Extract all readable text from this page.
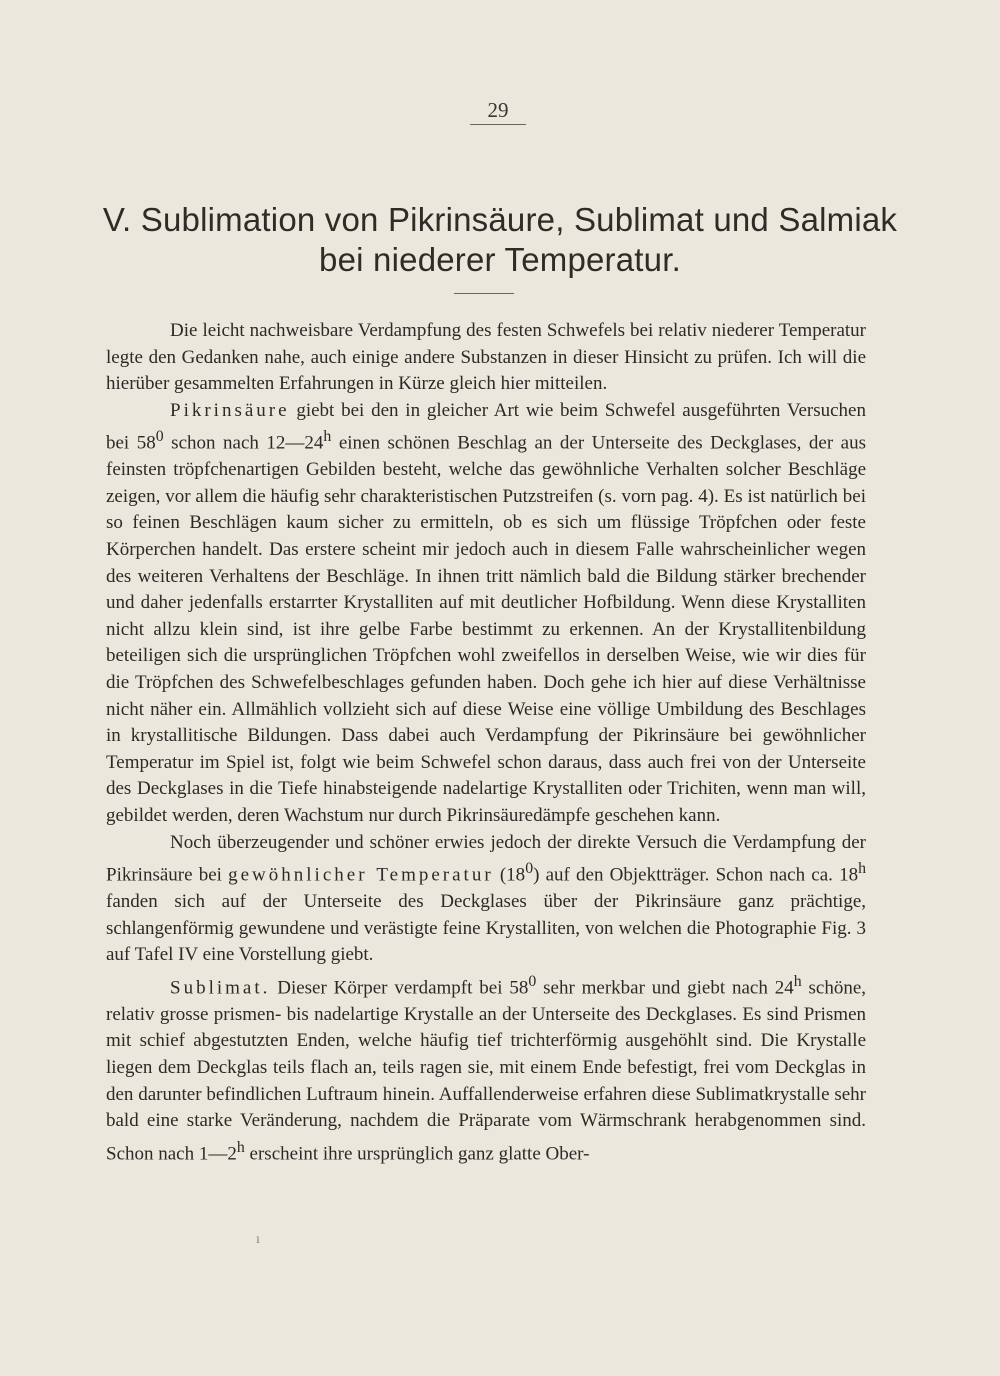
29
V. Sublimation von Pikrinsäure, Sublimat und Salmiak
bei niederer Temperatur.

Die leicht nachweisbare Verdampfung des festen Schwefels bei relativ niederer Temperatur legte den Gedanken nahe, auch einige andere Substanzen in dieser Hinsicht zu prüfen. Ich will die hierüber gesammelten Erfahrungen in Kürze gleich hier mitteilen.

Pikrinsäure giebt bei den in gleicher Art wie beim Schwefel ausgeführten Versuchen bei $58^0$ schon nach 12—24$^h$ einen schönen Beschlag an der Unterseite des Deckglases, der aus feinsten tröpfchenartigen Gebilden besteht, welche das gewöhnliche Verhalten solcher Beschläge zeigen, vor allem die häufig sehr charakteristischen Putzstreifen (s. vorn pag. 4). Es ist natürlich bei so feinen Beschlägen kaum sicher zu ermitteln, ob es sich um flüssige Tröpfchen oder feste Körperchen handelt. Das erstere scheint mir jedoch auch in diesem Falle wahrscheinlicher wegen des weiteren Verhaltens der Beschläge. In ihnen tritt nämlich bald die Bildung stärker brechender und daher jedenfalls erstarrter Krystalliten auf mit deutlicher Hofbildung. Wenn diese Krystalliten nicht allzu klein sind, ist ihre gelbe Farbe bestimmt zu erkennen. An der Krystallitenbildung beteiligen sich die ursprünglichen Tröpfchen wohl zweifellos in derselben Weise, wie wir dies für die Tröpfchen des Schwefelbeschlages gefunden haben. Doch gehe ich hier auf diese Verhältnisse nicht näher ein. Allmählich vollzieht sich auf diese Weise eine völlige Umbildung des Beschlages in krystallitische Bildungen. Dass dabei auch Verdampfung der Pikrinsäure bei gewöhnlicher Temperatur im Spiel ist, folgt wie beim Schwefel schon daraus, dass auch frei von der Unterseite des Deckglases in die Tiefe hinabsteigende nadelartige Krystalliten oder Trichiten, wenn man will, gebildet werden, deren Wachstum nur durch Pikrinsäuredämpfe geschehen kann.

Noch überzeugender und schöner erwies jedoch der direkte Versuch die Verdampfung der Pikrinsäure bei gewöhnlicher Temperatur $(18^0)$ auf den Objektträger. Schon nach ca. 18$^h$ fanden sich auf der Unterseite des Deckglases über der Pikrinsäure ganz prächtige, schlangenförmig gewundene und verästigte feine Krystalliten, von welchen die Photographie Fig. 3 auf Tafel IV eine Vorstellung giebt.

Sublimat. Dieser Körper verdampft bei $58^0$ sehr merkbar und giebt nach 24$^h$ schöne, relativ grosse prismen- bis nadelartige Krystalle an der Unterseite des Deckglases. Es sind Prismen mit schief abgestutzten Enden, welche häufig tief trichterförmig ausgehöhlt sind. Die Krystalle liegen dem Deckglas teils flach an, teils ragen sie, mit einem Ende befestigt, frei vom Deckglas in den darunter befindlichen Luftraum hinein. Auffallenderweise erfahren diese Sublimatkrystalle sehr bald eine starke Veränderung, nachdem die Präparate vom Wärmschrank herabgenommen sind. Schon nach 1—2$^h$ erscheint ihre ursprünglich ganz glatte Ober-

ı
